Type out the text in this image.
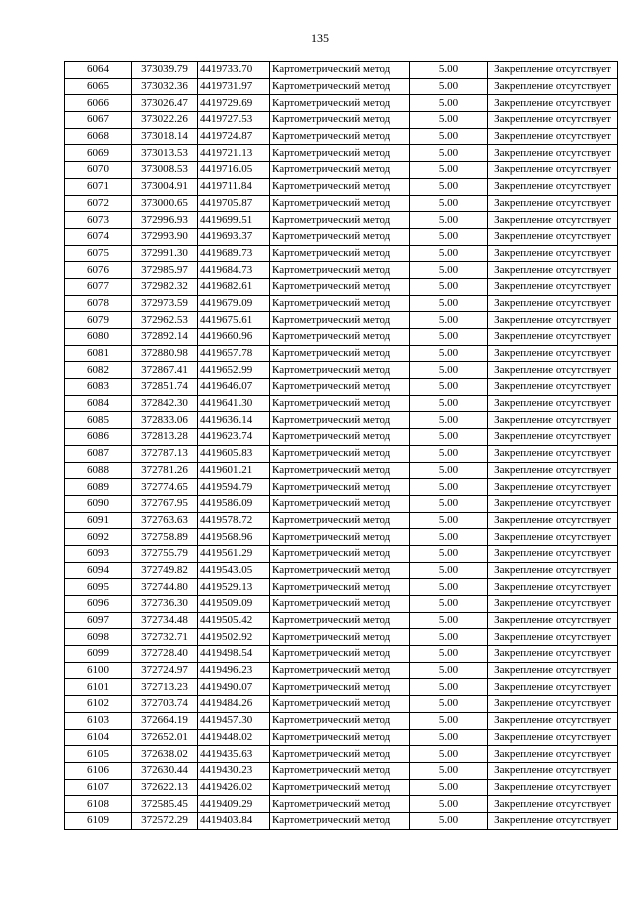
135
6064	373039.79	4419733.70	Картометрический метод	5.00	Закрепление отсутствует
6065	373032.36	4419731.97	Картометрический метод	5.00	Закрепление отсутствует
6066	373026.47	4419729.69	Картометрический метод	5.00	Закрепление отсутствует
6067	373022.26	4419727.53	Картометрический метод	5.00	Закрепление отсутствует
6068	373018.14	4419724.87	Картометрический метод	5.00	Закрепление отсутствует
6069	373013.53	4419721.13	Картометрический метод	5.00	Закрепление отсутствует
6070	373008.53	4419716.05	Картометрический метод	5.00	Закрепление отсутствует
6071	373004.91	4419711.84	Картометрический метод	5.00	Закрепление отсутствует
6072	373000.65	4419705.87	Картометрический метод	5.00	Закрепление отсутствует
6073	372996.93	4419699.51	Картометрический метод	5.00	Закрепление отсутствует
6074	372993.90	4419693.37	Картометрический метод	5.00	Закрепление отсутствует
6075	372991.30	4419689.73	Картометрический метод	5.00	Закрепление отсутствует
6076	372985.97	4419684.73	Картометрический метод	5.00	Закрепление отсутствует
6077	372982.32	4419682.61	Картометрический метод	5.00	Закрепление отсутствует
6078	372973.59	4419679.09	Картометрический метод	5.00	Закрепление отсутствует
6079	372962.53	4419675.61	Картометрический метод	5.00	Закрепление отсутствует
6080	372892.14	4419660.96	Картометрический метод	5.00	Закрепление отсутствует
6081	372880.98	4419657.78	Картометрический метод	5.00	Закрепление отсутствует
6082	372867.41	4419652.99	Картометрический метод	5.00	Закрепление отсутствует
6083	372851.74	4419646.07	Картометрический метод	5.00	Закрепление отсутствует
6084	372842.30	4419641.30	Картометрический метод	5.00	Закрепление отсутствует
6085	372833.06	4419636.14	Картометрический метод	5.00	Закрепление отсутствует
6086	372813.28	4419623.74	Картометрический метод	5.00	Закрепление отсутствует
6087	372787.13	4419605.83	Картометрический метод	5.00	Закрепление отсутствует
6088	372781.26	4419601.21	Картометрический метод	5.00	Закрепление отсутствует
6089	372774.65	4419594.79	Картометрический метод	5.00	Закрепление отсутствует
6090	372767.95	4419586.09	Картометрический метод	5.00	Закрепление отсутствует
6091	372763.63	4419578.72	Картометрический метод	5.00	Закрепление отсутствует
6092	372758.89	4419568.96	Картометрический метод	5.00	Закрепление отсутствует
6093	372755.79	4419561.29	Картометрический метод	5.00	Закрепление отсутствует
6094	372749.82	4419543.05	Картометрический метод	5.00	Закрепление отсутствует
6095	372744.80	4419529.13	Картометрический метод	5.00	Закрепление отсутствует
6096	372736.30	4419509.09	Картометрический метод	5.00	Закрепление отсутствует
6097	372734.48	4419505.42	Картометрический метод	5.00	Закрепление отсутствует
6098	372732.71	4419502.92	Картометрический метод	5.00	Закрепление отсутствует
6099	372728.40	4419498.54	Картометрический метод	5.00	Закрепление отсутствует
6100	372724.97	4419496.23	Картометрический метод	5.00	Закрепление отсутствует
6101	372713.23	4419490.07	Картометрический метод	5.00	Закрепление отсутствует
6102	372703.74	4419484.26	Картометрический метод	5.00	Закрепление отсутствует
6103	372664.19	4419457.30	Картометрический метод	5.00	Закрепление отсутствует
6104	372652.01	4419448.02	Картометрический метод	5.00	Закрепление отсутствует
6105	372638.02	4419435.63	Картометрический метод	5.00	Закрепление отсутствует
6106	372630.44	4419430.23	Картометрический метод	5.00	Закрепление отсутствует
6107	372622.13	4419426.02	Картометрический метод	5.00	Закрепление отсутствует
6108	372585.45	4419409.29	Картометрический метод	5.00	Закрепление отсутствует
6109	372572.29	4419403.84	Картометрический метод	5.00	Закрепление отсутствует
